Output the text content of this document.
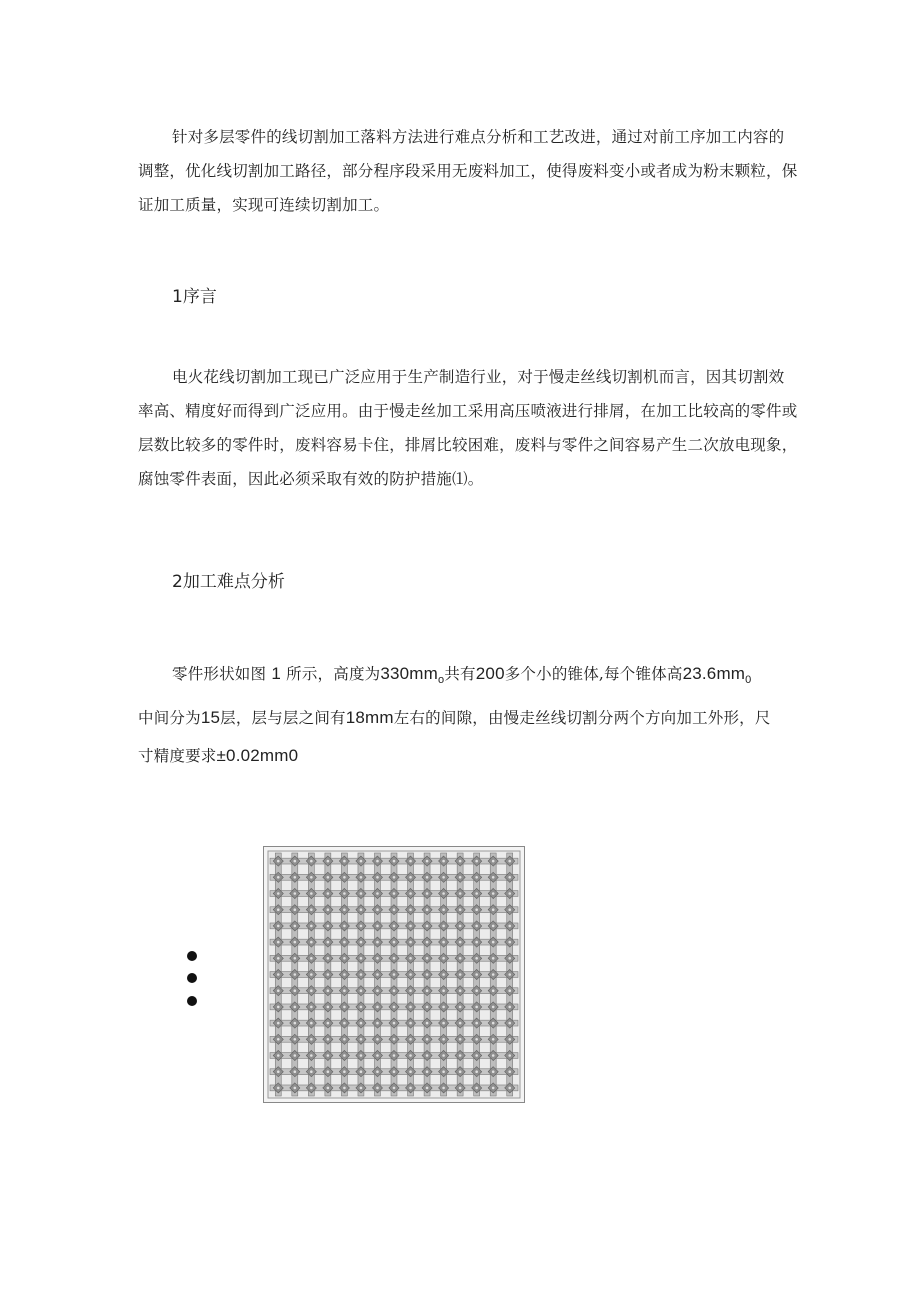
针对多层零件的线切割加工落料方法进行难点分析和工艺改进，通过对前工序加工内容的
调整，优化线切割加工路径，部分程序段采用无废料加工，使得废料变小或者成为粉末颗粒，保
证加工质量，实现可连续切割加工。

1序言

电火花线切割加工现已广泛应用于生产制造行业，对于慢走丝线切割机而言，因其切割效
率高、精度好而得到广泛应用。由于慢走丝加工采用高压喷液进行排屑，在加工比较高的零件或
层数比较多的零件时，废料容易卡住，排屑比较困难，废料与零件之间容易产生二次放电现象，
腐蚀零件表面，因此必须采取有效的防护措施⑴。

2加工难点分析

零件形状如图 1 所示，高度为$330mm_o$共有200多个小的锥体,每个锥体高$23.6mm_0$
中间分为15层，层与层之间有18mm左右的间隙，由慢走丝线切割分两个方向加工外形，尺
寸精度要求±0.02mm0
